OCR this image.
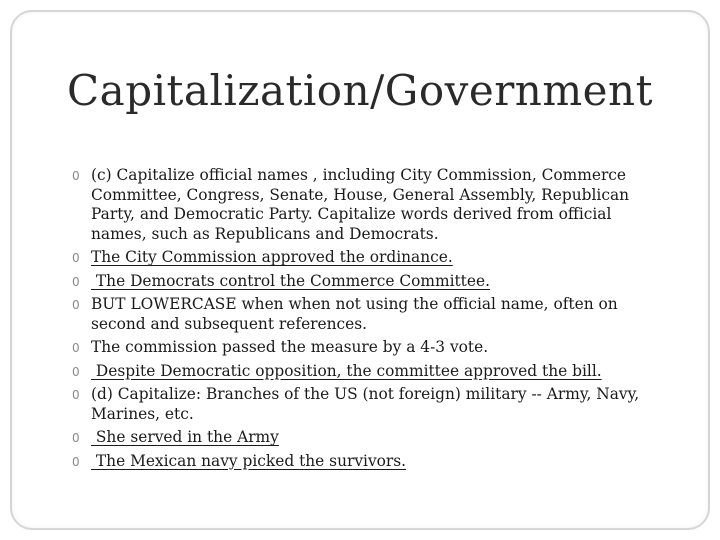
Capitalization/Government
0 (c) Capitalize official names , including City Commission, Commerce Committee, Congress, Senate, House, General Assembly, Republican Party, and Democratic Party. Capitalize words derived from official names, such as Republicans and Democrats.
0 The City Commission approved the ordinance.
0 The Democrats control the Commerce Committee.
0 BUT LOWERCASE when when not using the official name, often on second and subsequent references.
0 The commission passed the measure by a 4-3 vote.
0 Despite Democratic opposition, the committee approved the bill.
0 (d) Capitalize: Branches of the US (not foreign) military -- Army, Navy, Marines, etc.
0 She served in the Army
0 The Mexican navy picked the survivors.
